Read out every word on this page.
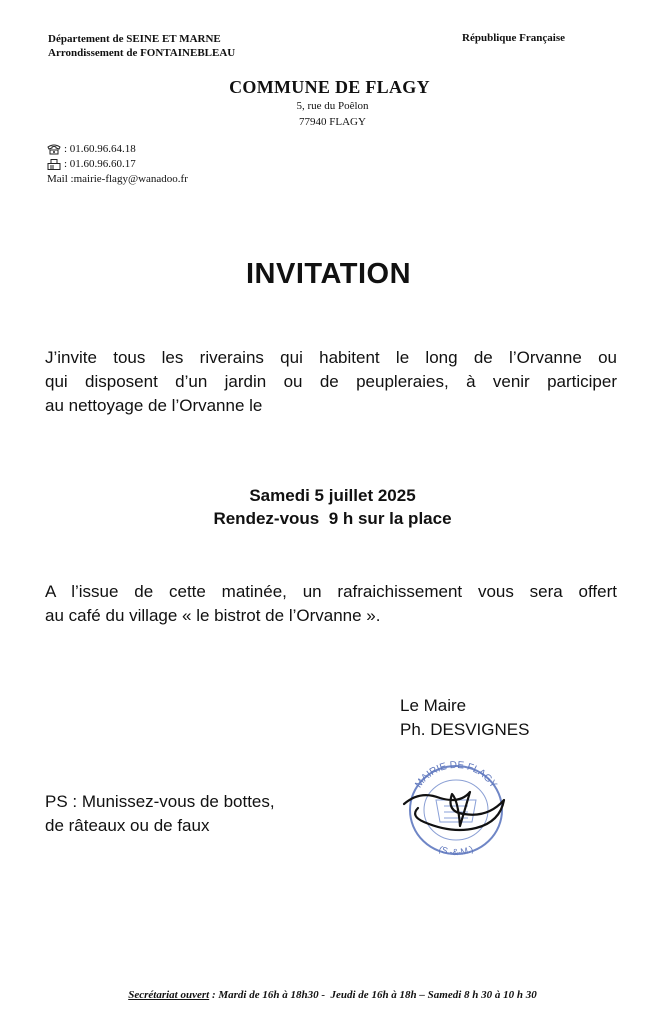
Département de SEINE ET MARNE
Arrondissement de FONTAINEBLEAU
République Française
COMMUNE DE FLAGY
5, rue du Poêlon
77940 FLAGY
: 01.60.96.64.18
: 01.60.96.60.17
Mail :mairie-flagy@wanadoo.fr
INVITATION
J’invite tous les riverains qui habitent le long de l’Orvanne ou
qui disposent d’un jardin ou de peupleraies, à venir participer
au nettoyage de l’Orvanne le
Samedi 5 juillet 2025
Rendez-vous  9 h sur la place
A l’issue de cette matinée, un rafraichissement vous sera offert
au café du village « le bistrot de l’Orvanne ».
Le Maire
Ph. DESVIGNES
MAIRIE DE FLAGY
(S.-&-M.)
PS : Munissez-vous de bottes,
de râteaux ou de faux
Secrétariat ouvert : Mardi de 16h à 18h30 -  Jeudi de 16h à 18h – Samedi 8 h 30 à 10 h 30
